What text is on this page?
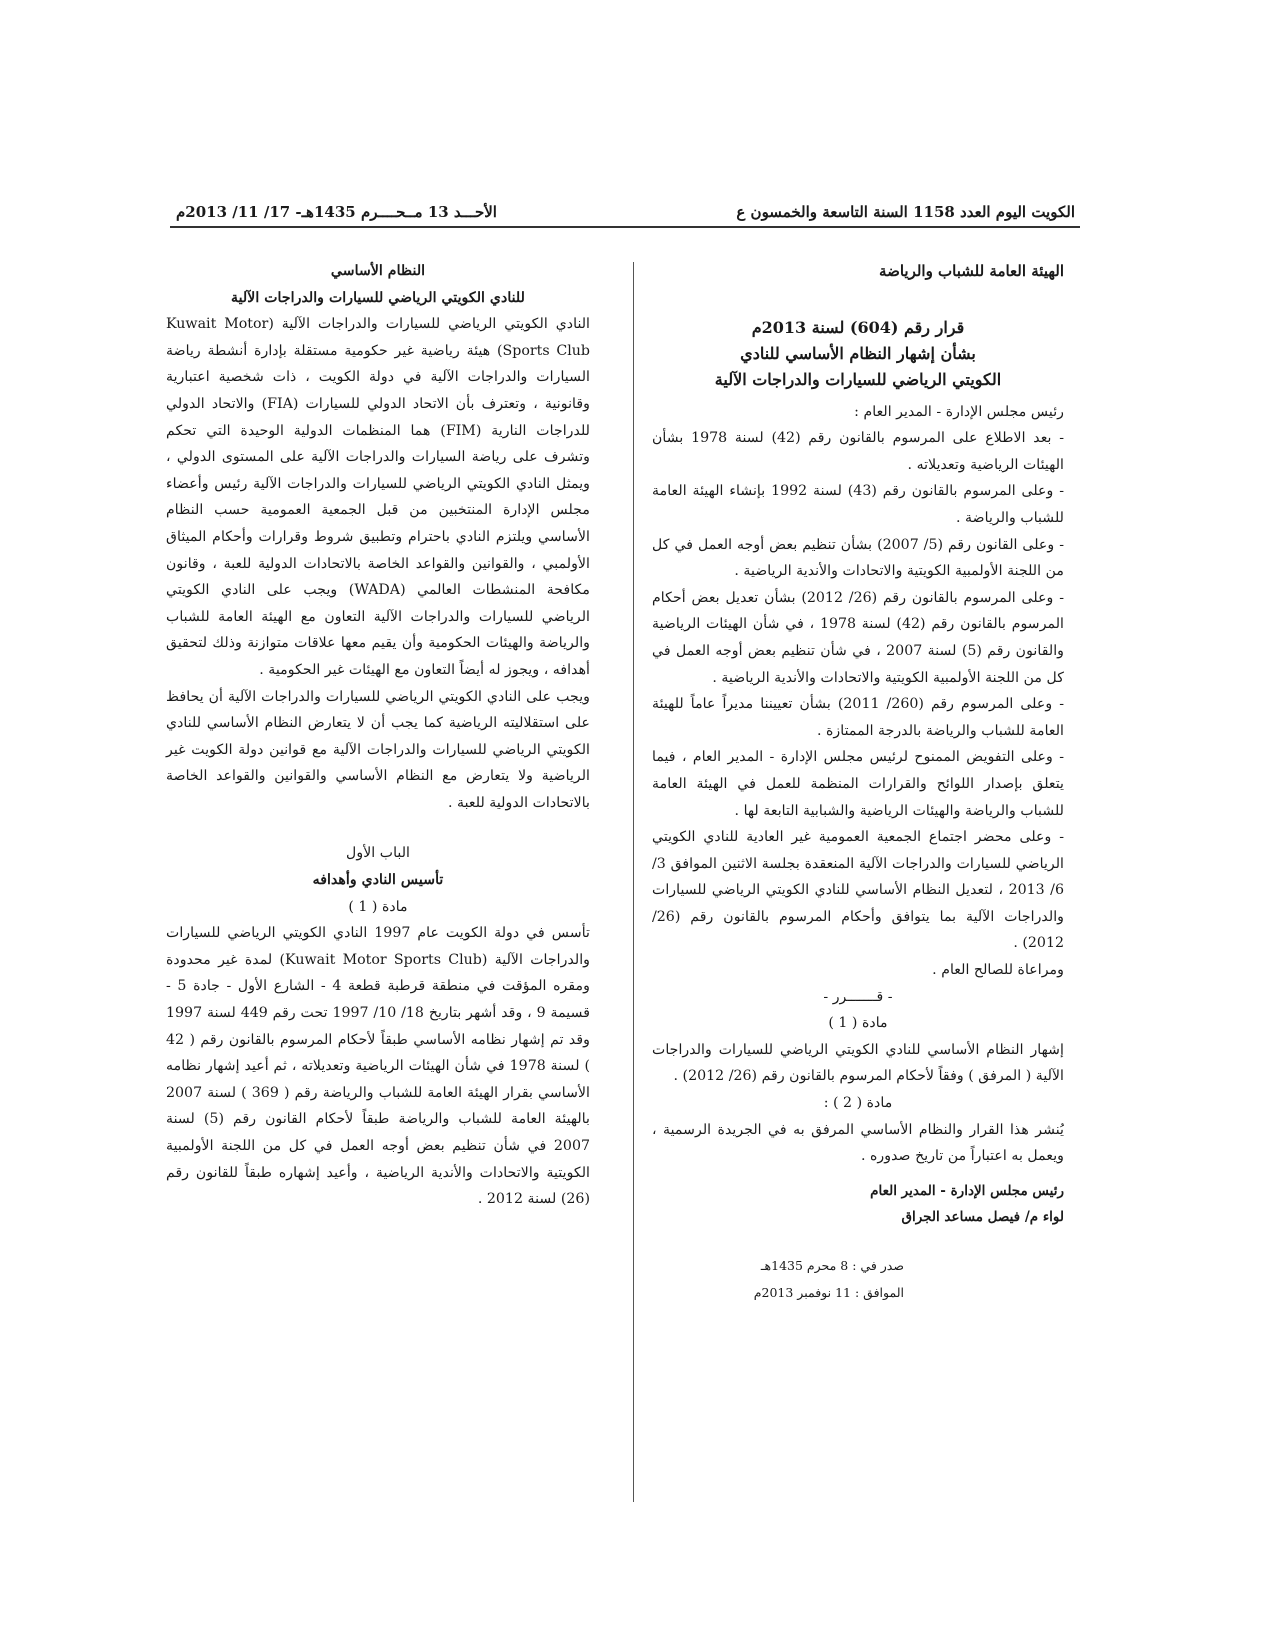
الكويت اليوم العدد 1158 السنة التاسعة والخمسون ع
الأحـــد 13 مــحــــرم 1435هـ- 17/ 11/ 2013م

الهيئة العامة للشباب والرياضة

قرار رقم (604) لسنة 2013م

بشأن إشهار النظام الأساسي للنادي

الكويتي الرياضي للسيارات والدراجات الآلية

رئيس مجلس الإدارة - المدير العام :

- بعد الاطلاع على المرسوم بالقانون رقم (42) لسنة 1978 بشأن الهيئات الرياضية وتعديلاته .

- وعلى المرسوم بالقانون رقم (43) لسنة 1992 بإنشاء الهيئة العامة للشباب والرياضة .

- وعلى القانون رقم (5/ 2007) بشأن تنظيم بعض أوجه العمل في كل من اللجنة الأولمبية الكويتية والاتحادات والأندية الرياضية .

- وعلى المرسوم بالقانون رقم (26/ 2012) بشأن تعديل بعض أحكام المرسوم بالقانون رقم (42) لسنة 1978 ، في شأن الهيئات الرياضية والقانون رقم (5) لسنة 2007 ، في شأن تنظيم بعض أوجه العمل في كل من اللجنة الأولمبية الكويتية والاتحادات والأندية الرياضية .

- وعلى المرسوم رقم (260/ 2011) بشأن تعييننا مديراً عاماً للهيئة العامة للشباب والرياضة بالدرجة الممتازة .

- وعلى التفويض الممنوح لرئيس مجلس الإدارة - المدير العام ، فيما يتعلق بإصدار اللوائح والقرارات المنظمة للعمل في الهيئة العامة للشباب والرياضة والهيئات الرياضية والشبابية التابعة لها .

- وعلى محضر اجتماع الجمعية العمومية غير العادية للنادي الكويتي الرياضي للسيارات والدراجات الآلية المنعقدة بجلسة الاثنين الموافق 3/ 6/ 2013 ، لتعديل النظام الأساسي للنادي الكويتي الرياضي للسيارات والدراجات الآلية بما يتوافق وأحكام المرسوم بالقانون رقم (26/ 2012) .

ومراعاة للصالح العام .

- قـــــــرر -

مادة ( 1 )

إشهار النظام الأساسي للنادي الكويتي الرياضي للسيارات والدراجات الآلية ( المرفق ) وفقاً لأحكام المرسوم بالقانون رقم (26/ 2012) .

مادة ( 2 ) :

يُنشر هذا القرار والنظام الأساسي المرفق به في الجريدة الرسمية ، ويعمل به اعتباراً من تاريخ صدوره .

رئيس مجلس الإدارة - المدير العام

لواء م/ فيصل مساعد الجراق

صدر في : 8 محرم 1435هـ

الموافق : 11 نوفمبر 2013م

النظام الأساسي

للنادي الكويتي الرياضي للسيارات والدراجات الآلية

النادي الكويتي الرياضي للسيارات والدراجات الآلية (Kuwait Motor Sports Club) هيئة رياضية غير حكومية مستقلة بإدارة أنشطة رياضة السيارات والدراجات الآلية في دولة الكويت ، ذات شخصية اعتبارية وقانونية ، وتعترف بأن الاتحاد الدولي للسيارات (FIA) والاتحاد الدولي للدراجات النارية (FIM) هما المنظمات الدولية الوحيدة التي تحكم وتشرف على رياضة السيارات والدراجات الآلية على المستوى الدولي ، ويمثل النادي الكويتي الرياضي للسيارات والدراجات الآلية رئيس وأعضاء مجلس الإدارة المنتخبين من قبل الجمعية العمومية حسب النظام الأساسي ويلتزم النادي باحترام وتطبيق شروط وقرارات وأحكام الميثاق الأولمبي ، والقوانين والقواعد الخاصة بالاتحادات الدولية للعبة ، وقانون مكافحة المنشطات العالمي (WADA) ويجب على النادي الكويتي الرياضي للسيارات والدراجات الآلية التعاون مع الهيئة العامة للشباب والرياضة والهيئات الحكومية وأن يقيم معها علاقات متوازنة وذلك لتحقيق أهدافه ، ويجوز له أيضاً التعاون مع الهيئات غير الحكومية .

ويجب على النادي الكويتي الرياضي للسيارات والدراجات الآلية أن يحافظ على استقلاليته الرياضية كما يجب أن لا يتعارض النظام الأساسي للنادي الكويتي الرياضي للسيارات والدراجات الآلية مع قوانين دولة الكويت غير الرياضية ولا يتعارض مع النظام الأساسي والقوانين والقواعد الخاصة بالاتحادات الدولية للعبة .

الباب الأول

تأسيس النادي وأهدافه

مادة ( 1 )

تأسس في دولة الكويت عام 1997 النادي الكويتي الرياضي للسيارات والدراجات الآلية (Kuwait Motor Sports Club) لمدة غير محدودة ومقره المؤقت في منطقة قرطبة قطعة 4 - الشارع الأول - جادة 5 - قسيمة 9 ، وقد أشهر بتاريخ 18/ 10/ 1997 تحت رقم 449 لسنة 1997 وقد تم إشهار نظامه الأساسي طبقاً لأحكام المرسوم بالقانون رقم ( 42 ) لسنة 1978 في شأن الهيئات الرياضية وتعديلاته ، ثم أعيد إشهار نظامه الأساسي بقرار الهيئة العامة للشباب والرياضة رقم ( 369 ) لسنة 2007 بالهيئة العامة للشباب والرياضة طبقاً لأحكام القانون رقم (5) لسنة 2007 في شأن تنظيم بعض أوجه العمل في كل من اللجنة الأولمبية الكويتية والاتحادات والأندية الرياضية ، وأعيد إشهاره طبقاً للقانون رقم (26) لسنة 2012 .
